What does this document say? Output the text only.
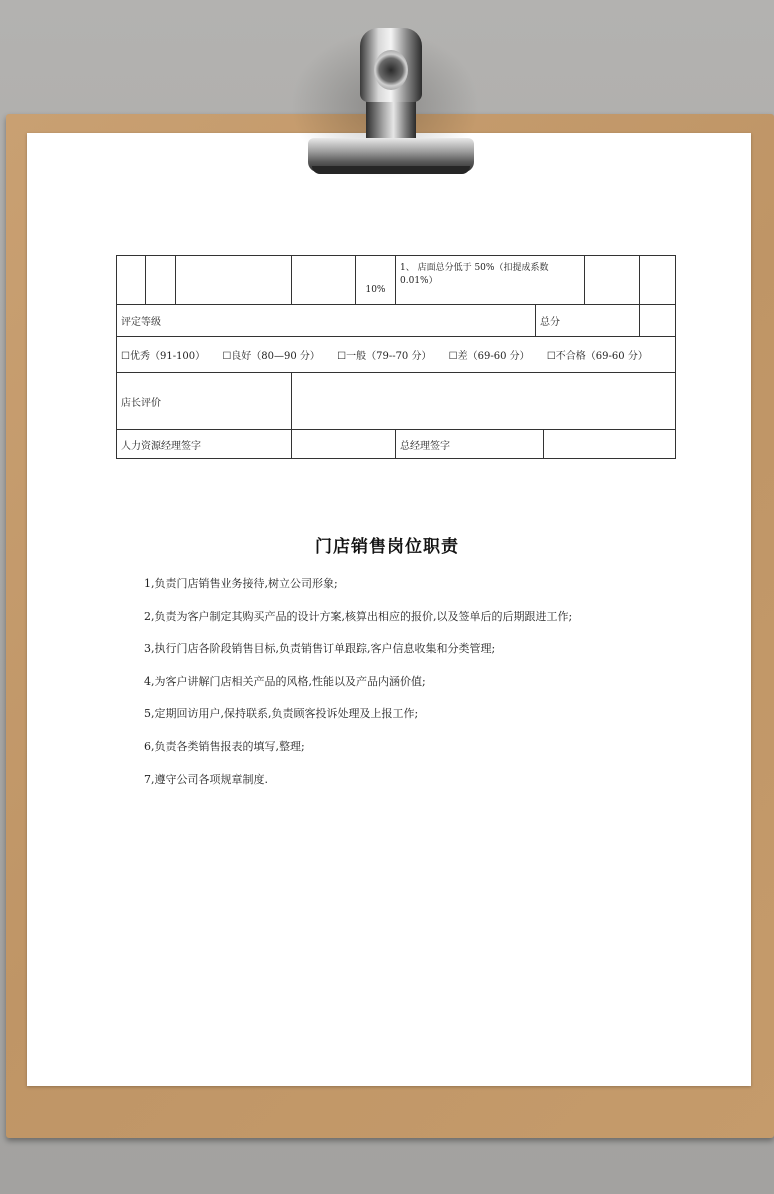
				10%	1、 店面总分低于 50%（扣提成系数 0.01%）				
评定等级						总分			
☐优秀（91-100） ☐良好（80—90 分） ☐一般（79--70 分） ☐差（69-60 分） ☐不合格（69-60 分）									
店长评价									
人力资源经理签字					总经理签字				
门店销售岗位职责
1,负责门店销售业务接待,树立公司形象;
2,负责为客户制定其购买产品的设计方案,核算出相应的报价,以及签单后的后期跟进工作;
3,执行门店各阶段销售目标,负责销售订单跟踪,客户信息收集和分类管理;
4,为客户讲解门店相关产品的风格,性能以及产品内涵价值;
5,定期回访用户,保持联系,负责顾客投诉处理及上报工作;
6,负责各类销售报表的填写,整理;
7,遵守公司各项规章制度.
